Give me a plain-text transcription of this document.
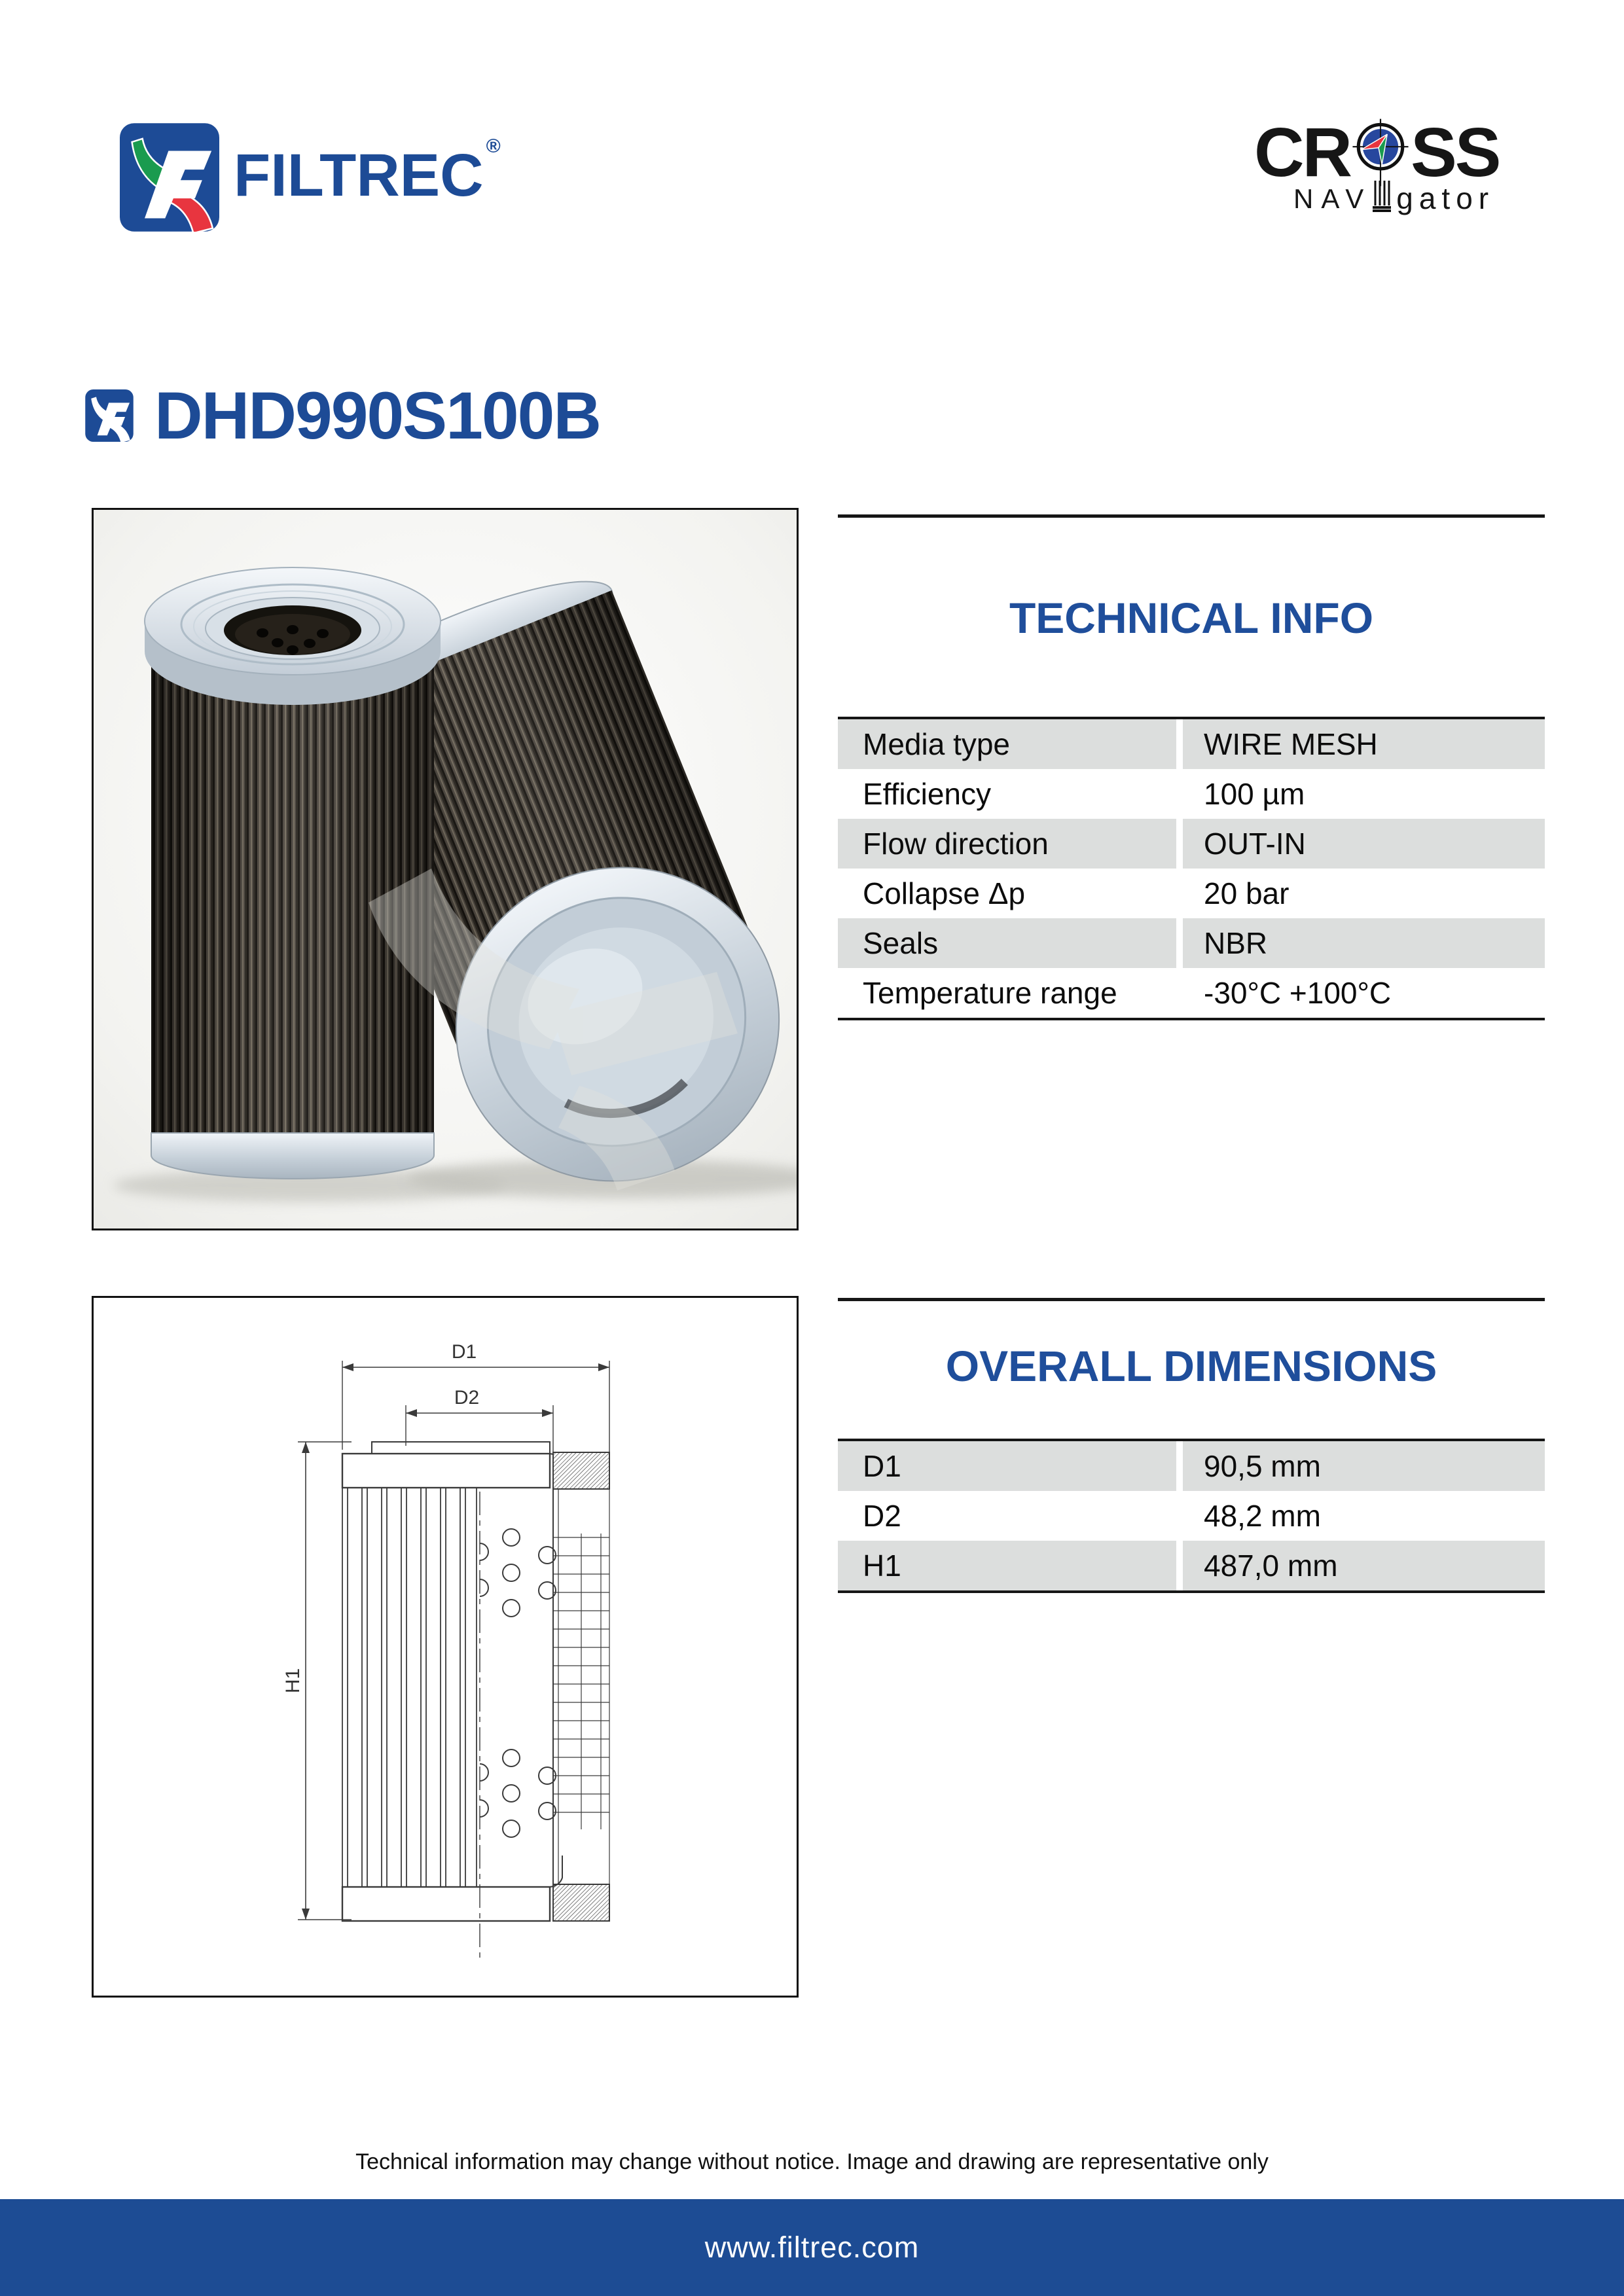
FILTREC ®	CR SS
NAV gator
DHD990S100B
TECHNICAL INFO
Media type	WIRE MESH
Efficiency	100 µm
Flow direction	OUT-IN
Collapse Δp	20 bar
Seals	NBR
Temperature range	-30°C +100°C
D1
D2
H1
OVERALL DIMENSIONS
D1	90,5 mm
D2	48,2 mm
H1	487,0 mm
Technical information may change without notice. Image and drawing are representative only
www.filtrec.com
